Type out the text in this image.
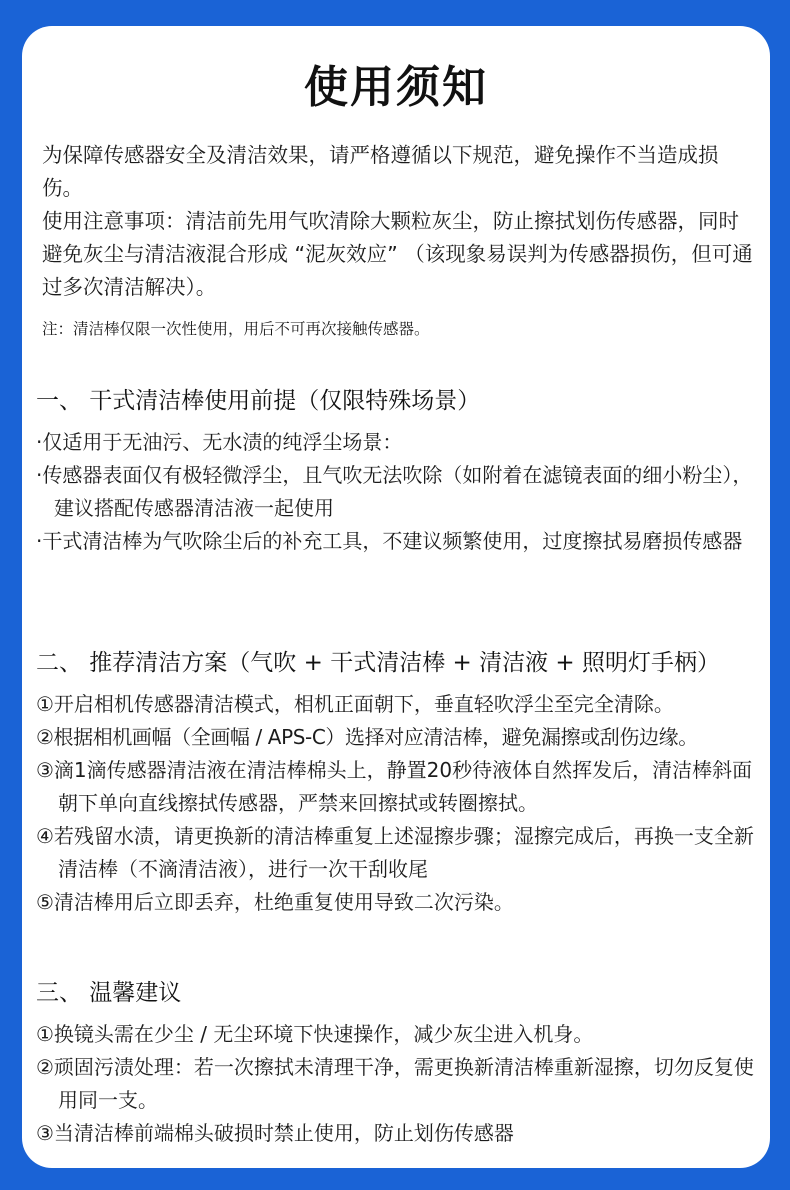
使用须知

为保障传感器安全及清洁效果，请严格遵循以下规范，避免操作不当造成损伤。

使用注意事项：清洁前先用气吹清除大颗粒灰尘，防止擦拭划伤传感器，同时避免灰尘与清洁液混合形成 “泥灰效应” （该现象易误判为传感器损伤，但可通过多次清洁解决）。

注：清洁棒仅限一次性使用，用后不可再次接触传感器。

一、 干式清洁棒使用前提（仅限特殊场景）

·仅适用于无油污、无水渍的纯浮尘场景：

·传感器表面仅有极轻微浮尘，且气吹无法吹除（如附着在滤镜表面的细小粉尘），建议搭配传感器清洁液一起使用

·干式清洁棒为气吹除尘后的补充工具，不建议频繁使用，过度擦拭易磨损传感器

二、 推荐清洁方案（气吹 + 干式清洁棒 + 清洁液 + 照明灯手柄）

①开启相机传感器清洁模式，相机正面朝下，垂直轻吹浮尘至完全清除。

②根据相机画幅（全画幅 / APS-C）选择对应清洁棒，避免漏擦或刮伤边缘。

③滴1滴传感器清洁液在清洁棒棉头上，静置20秒待液体自然挥发后，清洁棒斜面朝下单向直线擦拭传感器，严禁来回擦拭或转圈擦拭。

④若残留水渍，请更换新的清洁棒重复上述湿擦步骤；湿擦完成后，再换一支全新清洁棒（不滴清洁液），进行一次干刮收尾

⑤清洁棒用后立即丢弃，杜绝重复使用导致二次污染。

三、 温馨建议

①换镜头需在少尘 / 无尘环境下快速操作，减少灰尘进入机身。

②顽固污渍处理：若一次擦拭未清理干净，需更换新清洁棒重新湿擦，切勿反复使用同一支。

③当清洁棒前端棉头破损时禁止使用，防止划伤传感器
